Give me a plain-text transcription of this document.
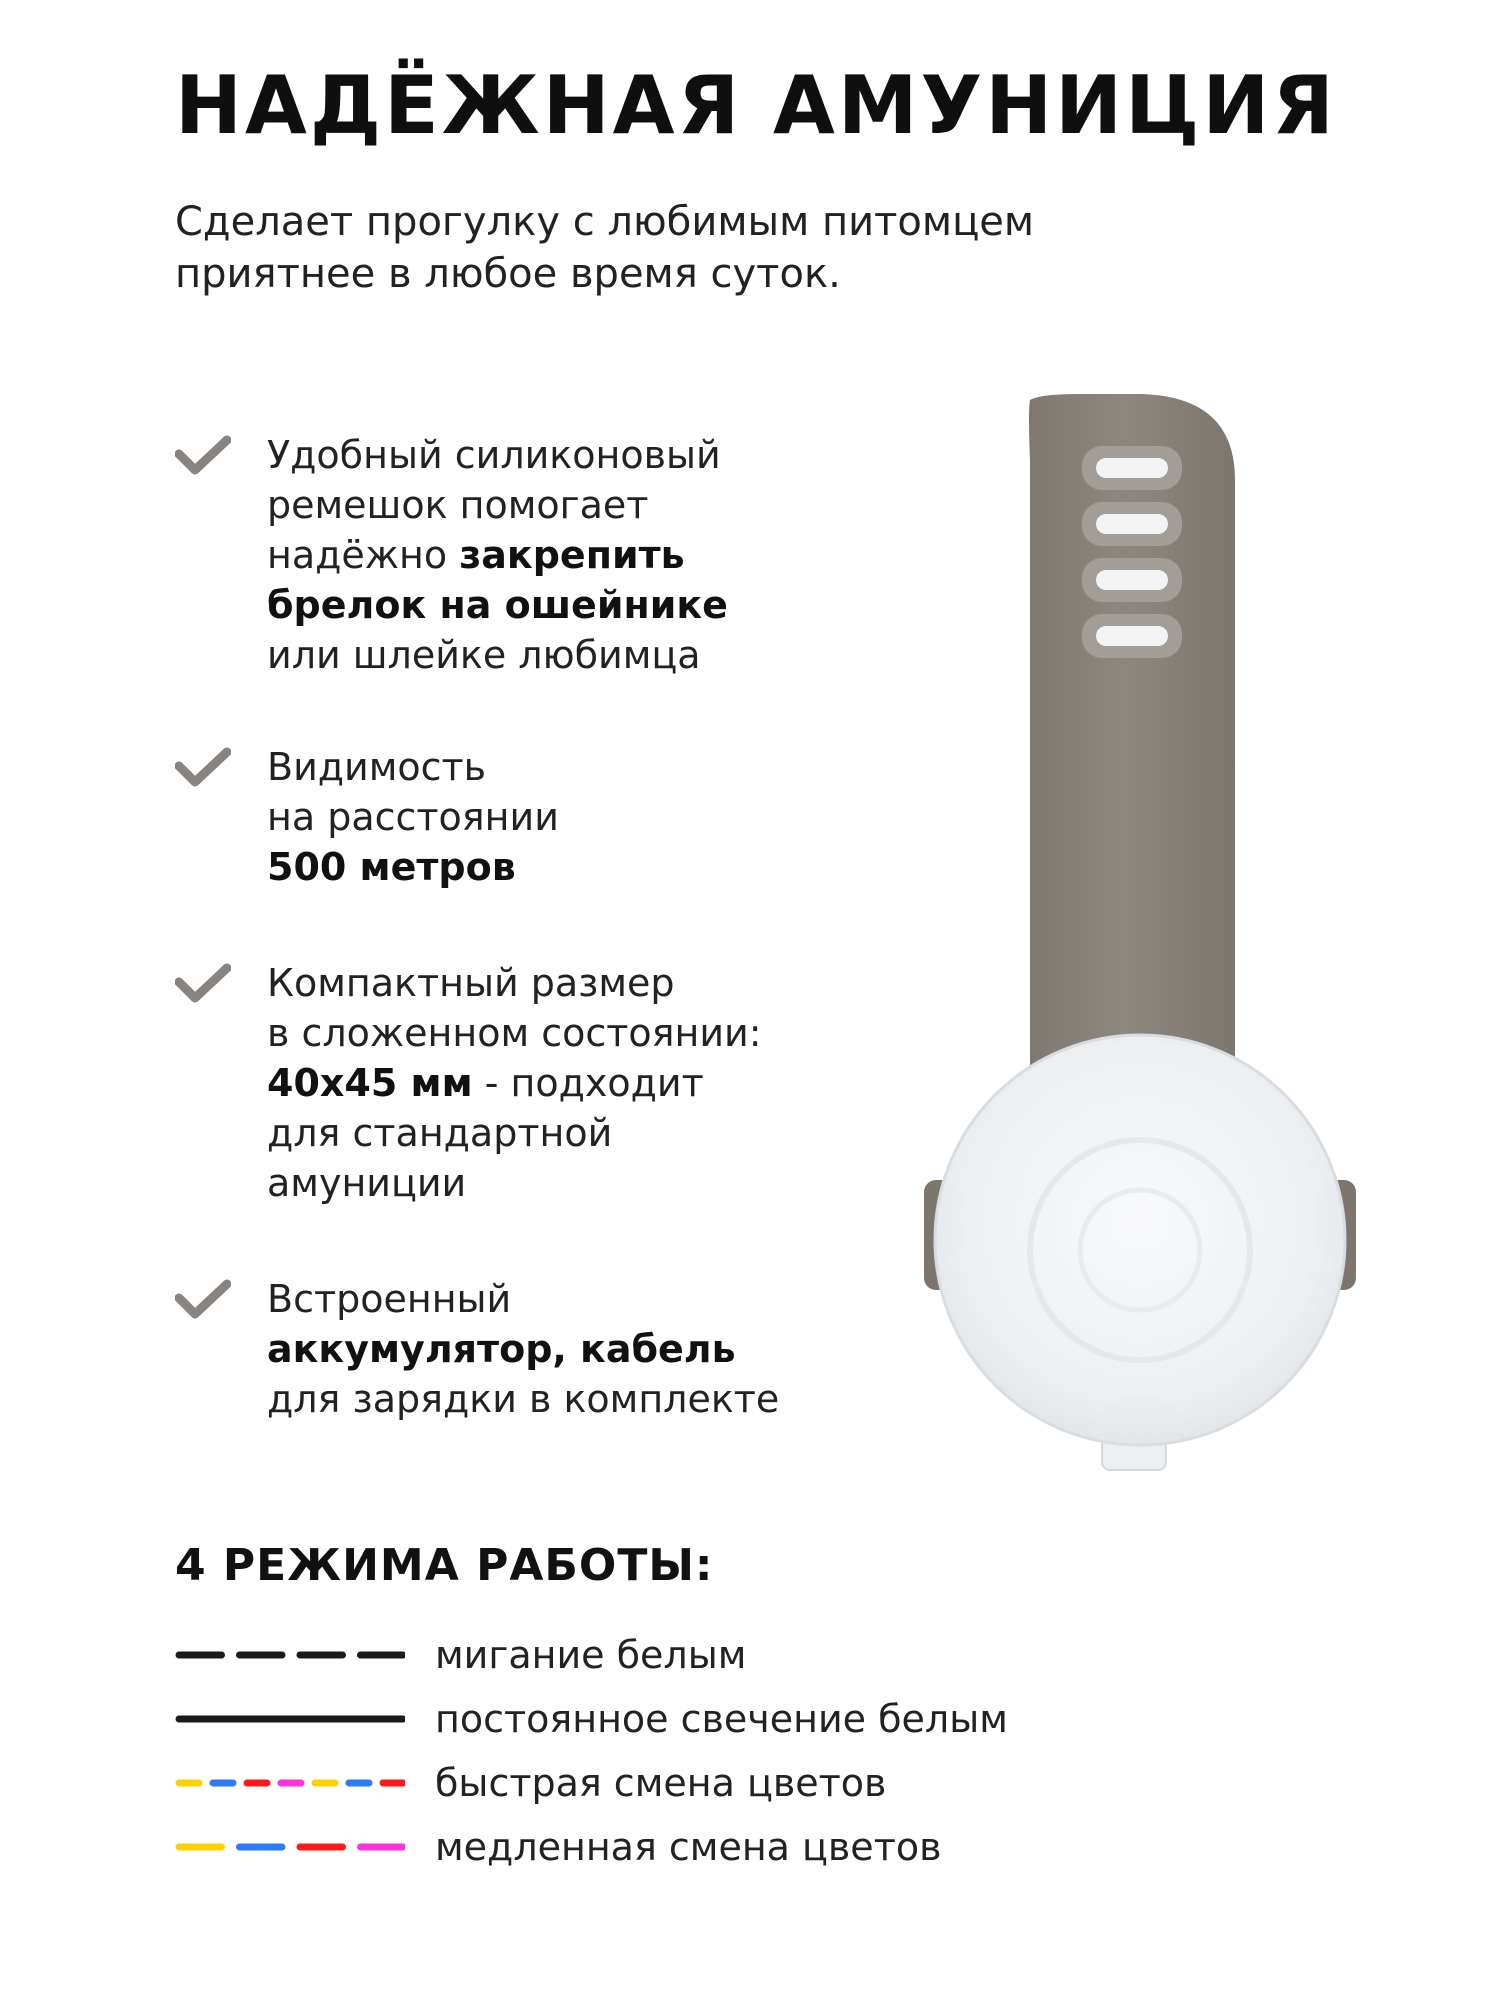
НАДЁЖНАЯ АМУНИЦИЯ
Сделает прогулку с любимым питомцем
приятнее в любое время суток.
Удобный силиконовый
ремешок помогает
надёжно закрепить
брелок на ошейнике
или шлейке любимца
Видимость
на расстоянии
500 метров
Компактный размер
в сложенном состоянии:
40х45 мм - подходит
для стандартной
амуниции
Встроенный
аккумулятор, кабель
для зарядки в комплекте
4 РЕЖИМА РАБОТЫ:
мигание белым
постоянное свечение белым
быстрая смена цветов
медленная смена цветов
